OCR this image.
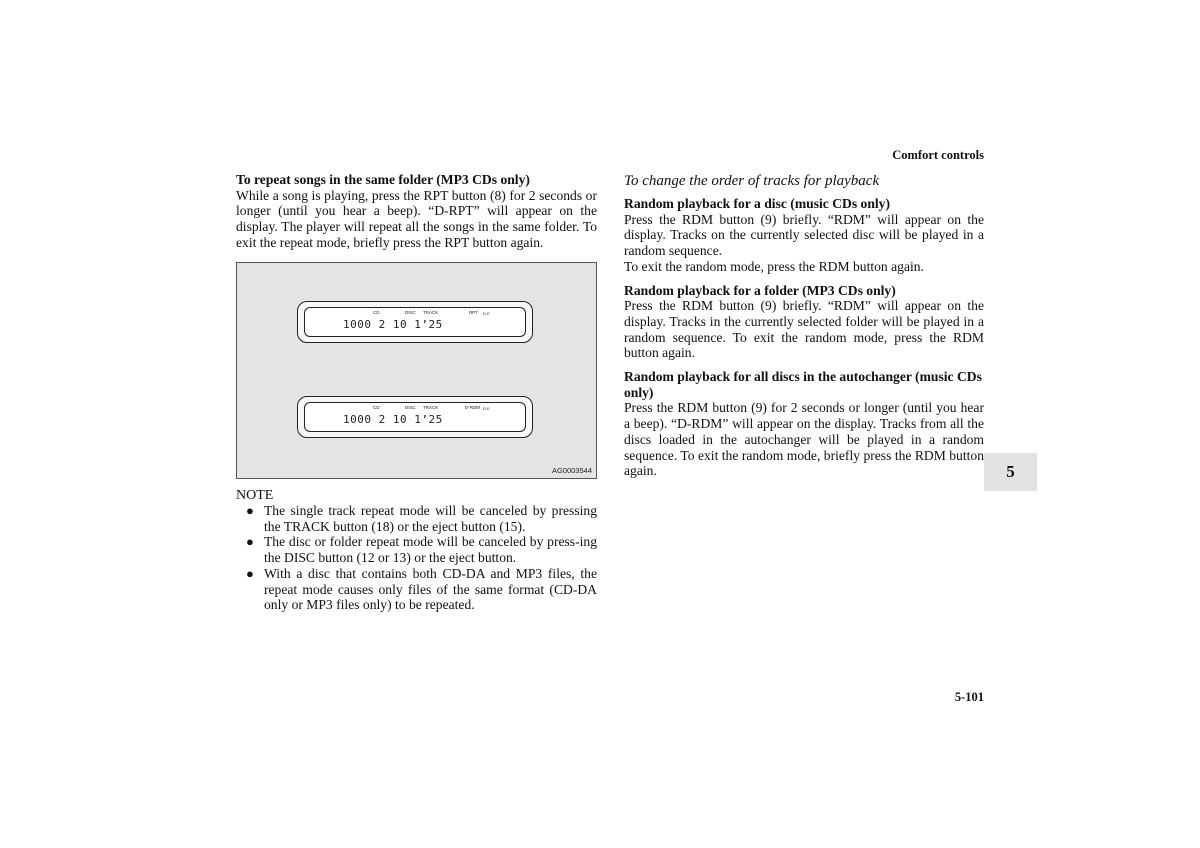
Comfort controls

To repeat songs in the same folder (MP3 CDs only)

While a song is playing, press the RPT button (8) for 2 seconds or longer (until you hear a beep). “D-RPT” will appear on the display. The player will repeat all the songs in the same folder. To exit the repeat mode, briefly press the RPT button again.

CD	DISC TRACK	RPT
1000 2 10 1’25
D E
CD	DISC TRACK	D-RDM
1000 2 10 1’25
D E
AG0003544
NOTE
● The single track repeat mode will be canceled by pressing the TRACK button (18) or the eject button (15).
● The disc or folder repeat mode will be canceled by press-ing the DISC button (12 or 13) or the eject button.
● With a disc that contains both CD-DA and MP3 files, the repeat mode causes only files of the same format (CD-DA only or MP3 files only) to be repeated.

To change the order of tracks for playback

Random playback for a disc (music CDs only)

Press the RDM button (9) briefly. “RDM” will appear on the display. Tracks on the currently selected disc will be played in a random sequence.

To exit the random mode, press the RDM button again.

Random playback for a folder (MP3 CDs only)

Press the RDM button (9) briefly. “RDM” will appear on the display. Tracks in the currently selected folder will be played in a random sequence. To exit the random mode, press the RDM button again.

Random playback for all discs in the autochanger (music CDs only)

Press the RDM button (9) for 2 seconds or longer (until you hear a beep). “D-RDM” will appear on the display. Tracks from all the discs loaded in the autochanger will be played in a random sequence. To exit the random mode, briefly press the RDM button again.	5
5-101
